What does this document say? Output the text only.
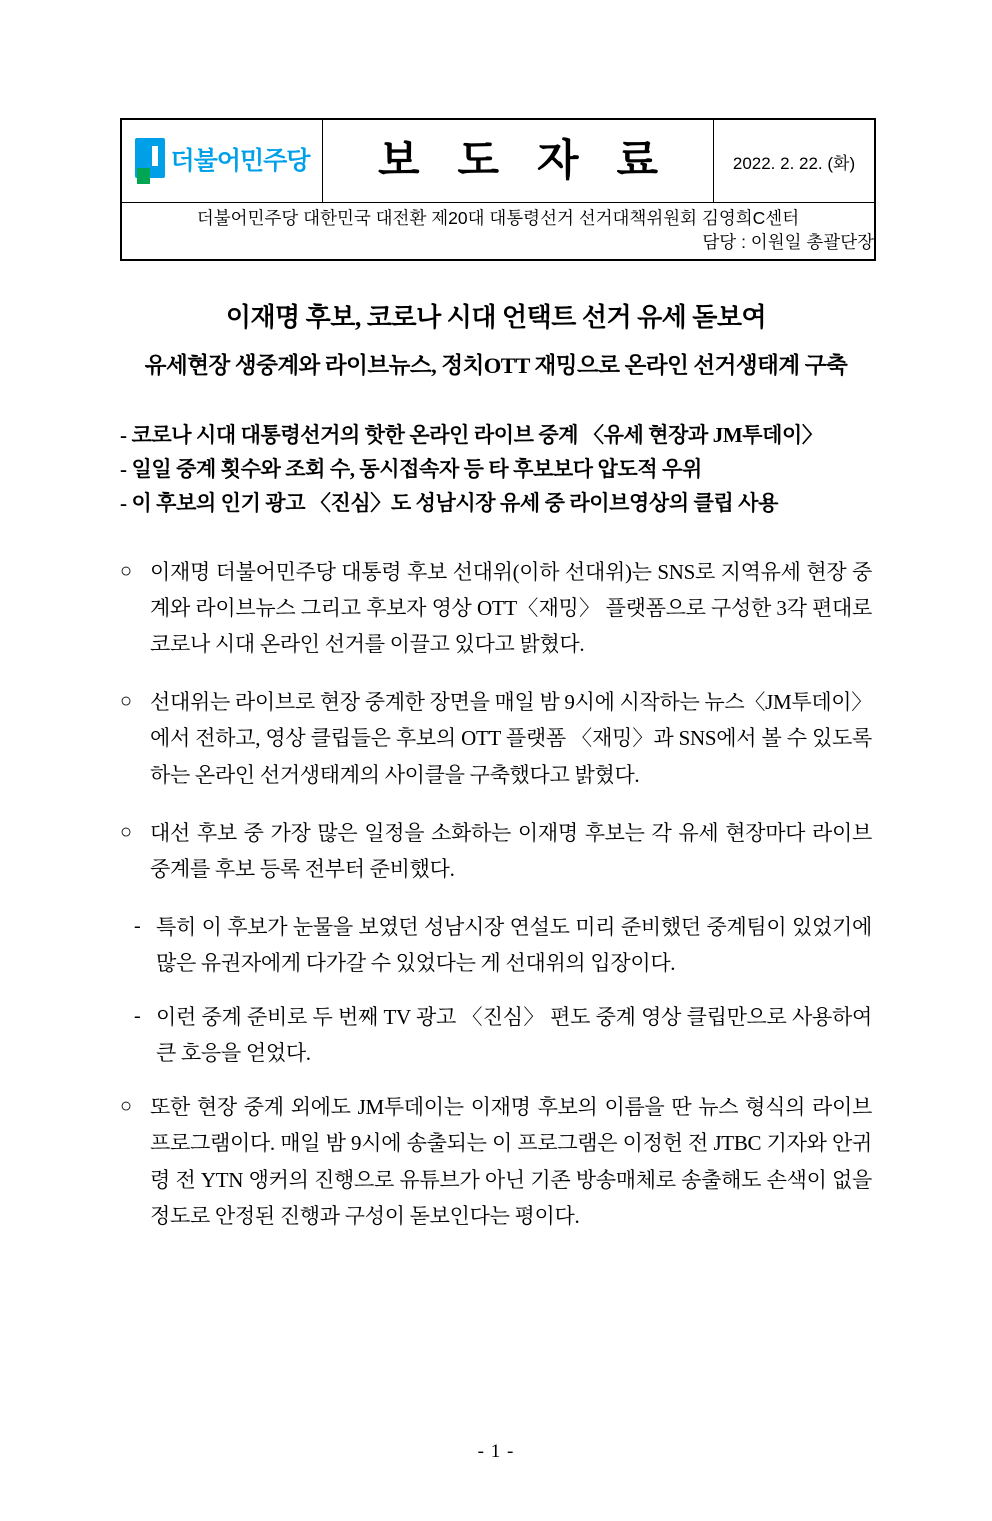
더불어민주당	보 도 자 료	2022. 2. 22. (화)

더불어민주당 대한민국 대전환 제20대 대통령선거 선거대책위원회 김영희C센터
담당 : 이원일 총괄단장
이재명 후보, 코로나 시대 언택트 선거 유세 돋보여
유세현장 생중계와 라이브뉴스, 정치OTT 재밍으로 온라인 선거생태계 구축
- 코로나 시대 대통령선거의 핫한 온라인 라이브 중계 〈유세 현장과 JM투데이〉
- 일일 중계 횟수와 조회 수, 동시접속자 등 타 후보보다 압도적 우위
- 이 후보의 인기 광고 〈진심〉도 성남시장 유세 중 라이브영상의 클립 사용
○ 이재명 더불어민주당 대통령 후보 선대위(이하 선대위)는 SNS로 지역유세 현장 중계와 라이브뉴스 그리고 후보자 영상 OTT〈재밍〉 플랫폼으로 구성한 3각 편대로 코로나 시대 온라인 선거를 이끌고 있다고 밝혔다.
○ 선대위는 라이브로 현장 중계한 장면을 매일 밤 9시에 시작하는 뉴스〈JM투데이〉에서 전하고, 영상 클립들은 후보의 OTT 플랫폼 〈재밍〉과 SNS에서 볼 수 있도록 하는 온라인 선거생태계의 사이클을 구축했다고 밝혔다.
○ 대선 후보 중 가장 많은 일정을 소화하는 이재명 후보는 각 유세 현장마다 라이브 중계를 후보 등록 전부터 준비했다.
- 특히 이 후보가 눈물을 보였던 성남시장 연설도 미리 준비했던 중계팀이 있었기에 많은 유권자에게 다가갈 수 있었다는 게 선대위의 입장이다.
- 이런 중계 준비로 두 번째 TV 광고 〈진심〉 편도 중계 영상 클립만으로 사용하여 큰 호응을 얻었다.
○ 또한 현장 중계 외에도 JM투데이는 이재명 후보의 이름을 딴 뉴스 형식의 라이브 프로그램이다. 매일 밤 9시에 송출되는 이 프로그램은 이정헌 전 JTBC 기자와 안귀령 전 YTN 앵커의 진행으로 유튜브가 아닌 기존 방송매체로 송출해도 손색이 없을 정도로 안정된 진행과 구성이 돋보인다는 평이다.
- 1 -
